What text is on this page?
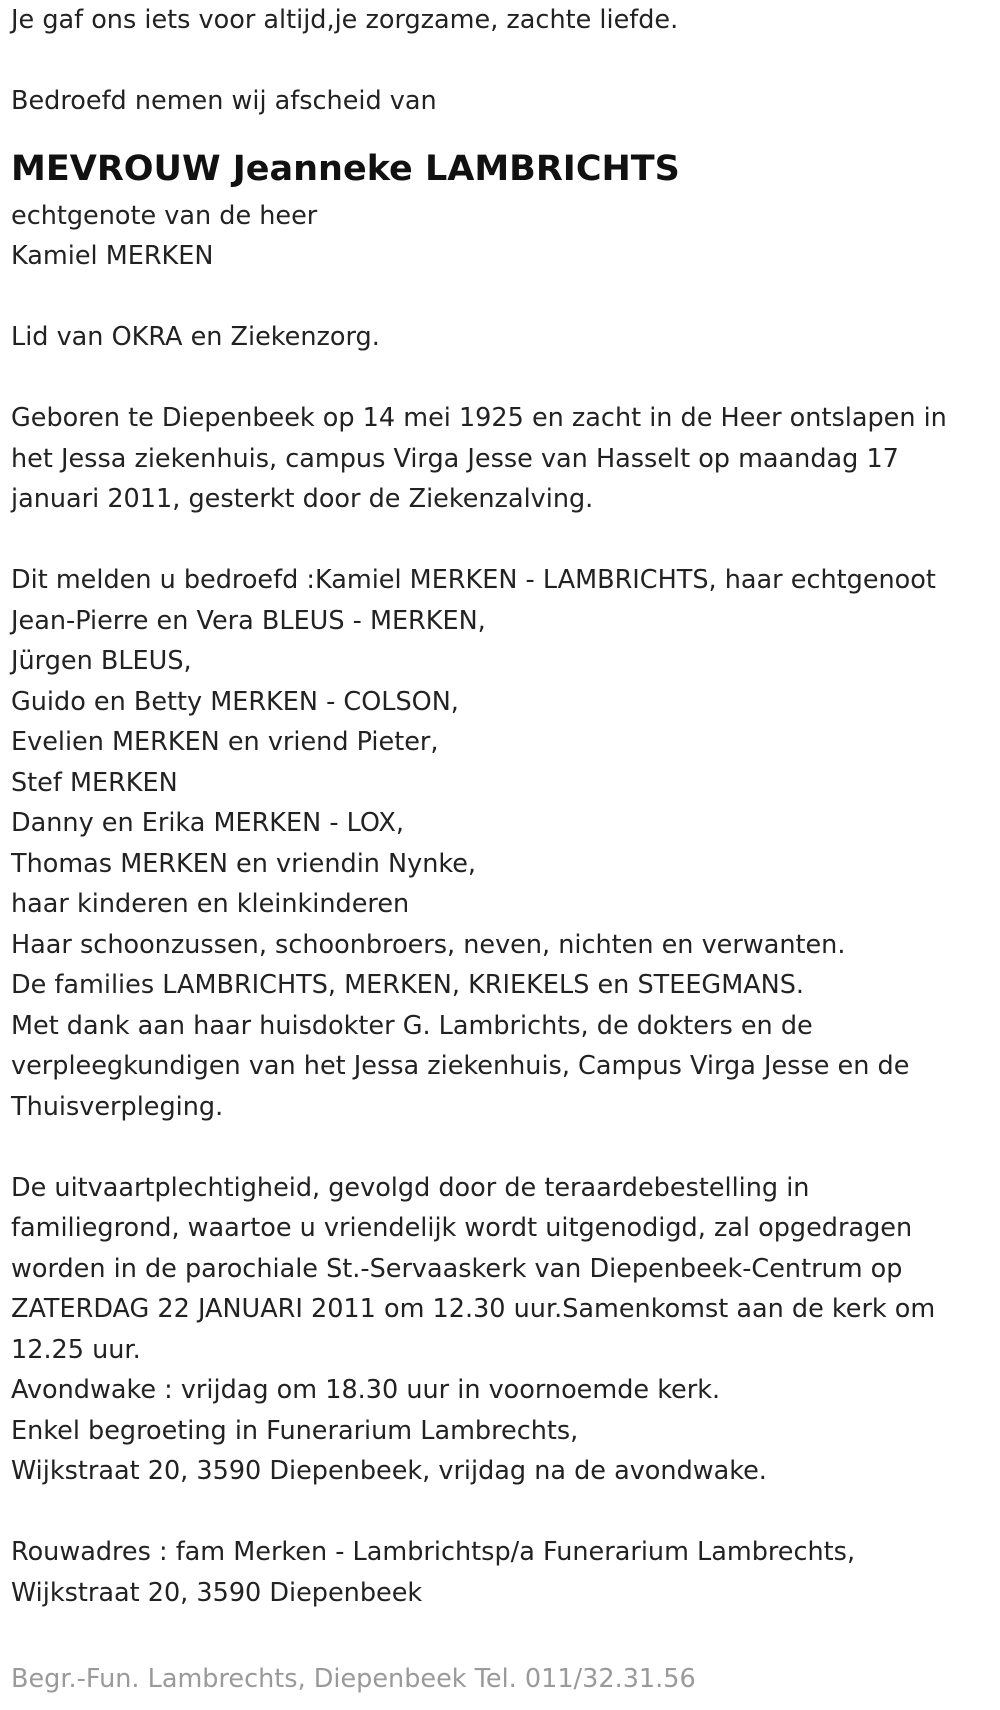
Je gaf ons iets voor altijd,je zorgzame, zachte liefde.

Bedroefd nemen wij afscheid van

MEVROUW Jeanneke LAMBRICHTS

echtgenote van de heer

Kamiel MERKEN

Lid van OKRA en Ziekenzorg.

Geboren te Diepenbeek op 14 mei 1925 en zacht in de Heer ontslapen in

het Jessa ziekenhuis, campus Virga Jesse van Hasselt op maandag 17

januari 2011, gesterkt door de Ziekenzalving.

Dit melden u bedroefd :Kamiel MERKEN - LAMBRICHTS, haar echtgenoot

Jean-Pierre en Vera BLEUS - MERKEN,

Jürgen BLEUS,

Guido en Betty MERKEN - COLSON,

Evelien MERKEN en vriend Pieter,

Stef MERKEN

Danny en Erika MERKEN - LOX,

Thomas MERKEN en vriendin Nynke,

haar kinderen en kleinkinderen

Haar schoonzussen, schoonbroers, neven, nichten en verwanten.

De families LAMBRICHTS, MERKEN, KRIEKELS en STEEGMANS.

Met dank aan haar huisdokter G. Lambrichts, de dokters en de

verpleegkundigen van het Jessa ziekenhuis, Campus Virga Jesse en de

Thuisverpleging.

De uitvaartplechtigheid, gevolgd door de teraardebestelling in

familiegrond, waartoe u vriendelijk wordt uitgenodigd, zal opgedragen

worden in de parochiale St.-Servaaskerk van Diepenbeek-Centrum op

ZATERDAG 22 JANUARI 2011 om 12.30 uur.Samenkomst aan de kerk om

12.25 uur.

Avondwake : vrijdag om 18.30 uur in voornoemde kerk.

Enkel begroeting in Funerarium Lambrechts,

Wijkstraat 20, 3590 Diepenbeek, vrijdag na de avondwake.

Rouwadres : fam Merken - Lambrichtsp/a Funerarium Lambrechts,

Wijkstraat 20, 3590 Diepenbeek

Begr.-Fun. Lambrechts, Diepenbeek Tel. 011/32.31.56
